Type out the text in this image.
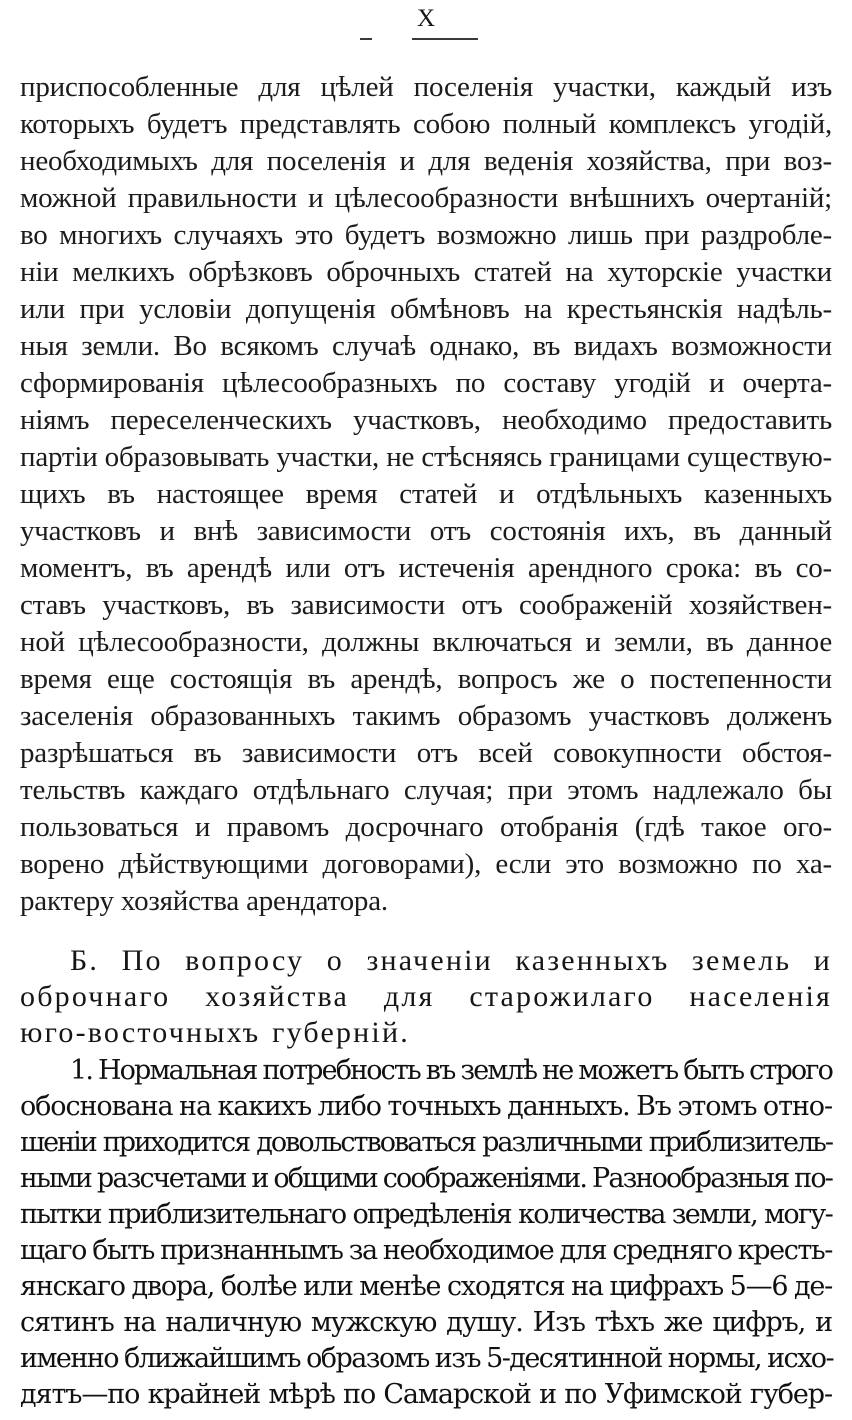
X
приспособленные для цѣлей поселенія участки, каждый изъ
которыхъ будетъ представлять собою полный комплексъ угодій,
необходимыхъ для поселенія и для веденія хозяйства, при воз-
можной правильности и цѣлесообразности внѣшнихъ очертаній;
во многихъ случаяхъ это будетъ возможно лишь при раздробле-
ніи мелкихъ обрѣзковъ оброчныхъ статей на хуторскіе участки
или при условіи допущенія обмѣновъ на крестьянскія надѣль-
ныя земли. Во всякомъ случаѣ однако, въ видахъ возможности
сформированія цѣлесообразныхъ по составу угодій и очерта-
ніямъ переселенческихъ участковъ, необходимо предоставить
партіи образовывать участки, не стѣсняясь границами существую-
щихъ въ настоящее время статей и отдѣльныхъ казенныхъ
участковъ и внѣ зависимости отъ состоянія ихъ, въ данный
моментъ, въ арендѣ или отъ истеченія арендного срока: въ со-
ставъ участковъ, въ зависимости отъ соображеній хозяйствен-
ной цѣлесообразности, должны включаться и земли, въ данное
время еще состоящія въ арендѣ, вопросъ же о постепенности
заселенія образованныхъ такимъ образомъ участковъ долженъ
разрѣшаться въ зависимости отъ всей совокупности обстоя-
тельствъ каждаго отдѣльнаго случая; при этомъ надлежало бы
пользоваться и правомъ досрочнаго отобранія (гдѣ такое ого-
ворено дѣйствующими договорами), если это возможно по ха-
рактеру хозяйства арендатора.
Б. По вопросу о значеніи казенныхъ земель и
оброчнаго хозяйства для старожилаго населенія
юго-восточныхъ губерній.
1. Нормальная потребность въ землѣ не можетъ быть строго
обоснована на какихъ либо точныхъ данныхъ. Въ этомъ отно-
шеніи приходится довольствоваться различными приблизитель-
ными разсчетами и общими соображеніями. Разнообразныя по-
пытки приблизительнаго опредѣленія количества земли, могу-
щаго быть признаннымъ за необходимое для средняго кресть-
янскаго двора, болѣе или менѣе сходятся на цифрахъ 5—6 де-
сятинъ на наличную мужскую душу. Изъ тѣхъ же цифръ, и
именно ближайшимъ образомъ изъ 5-десятинной нормы, исхо-
дятъ—по крайней мѣрѣ по Самарской и по Уфимской губер-
